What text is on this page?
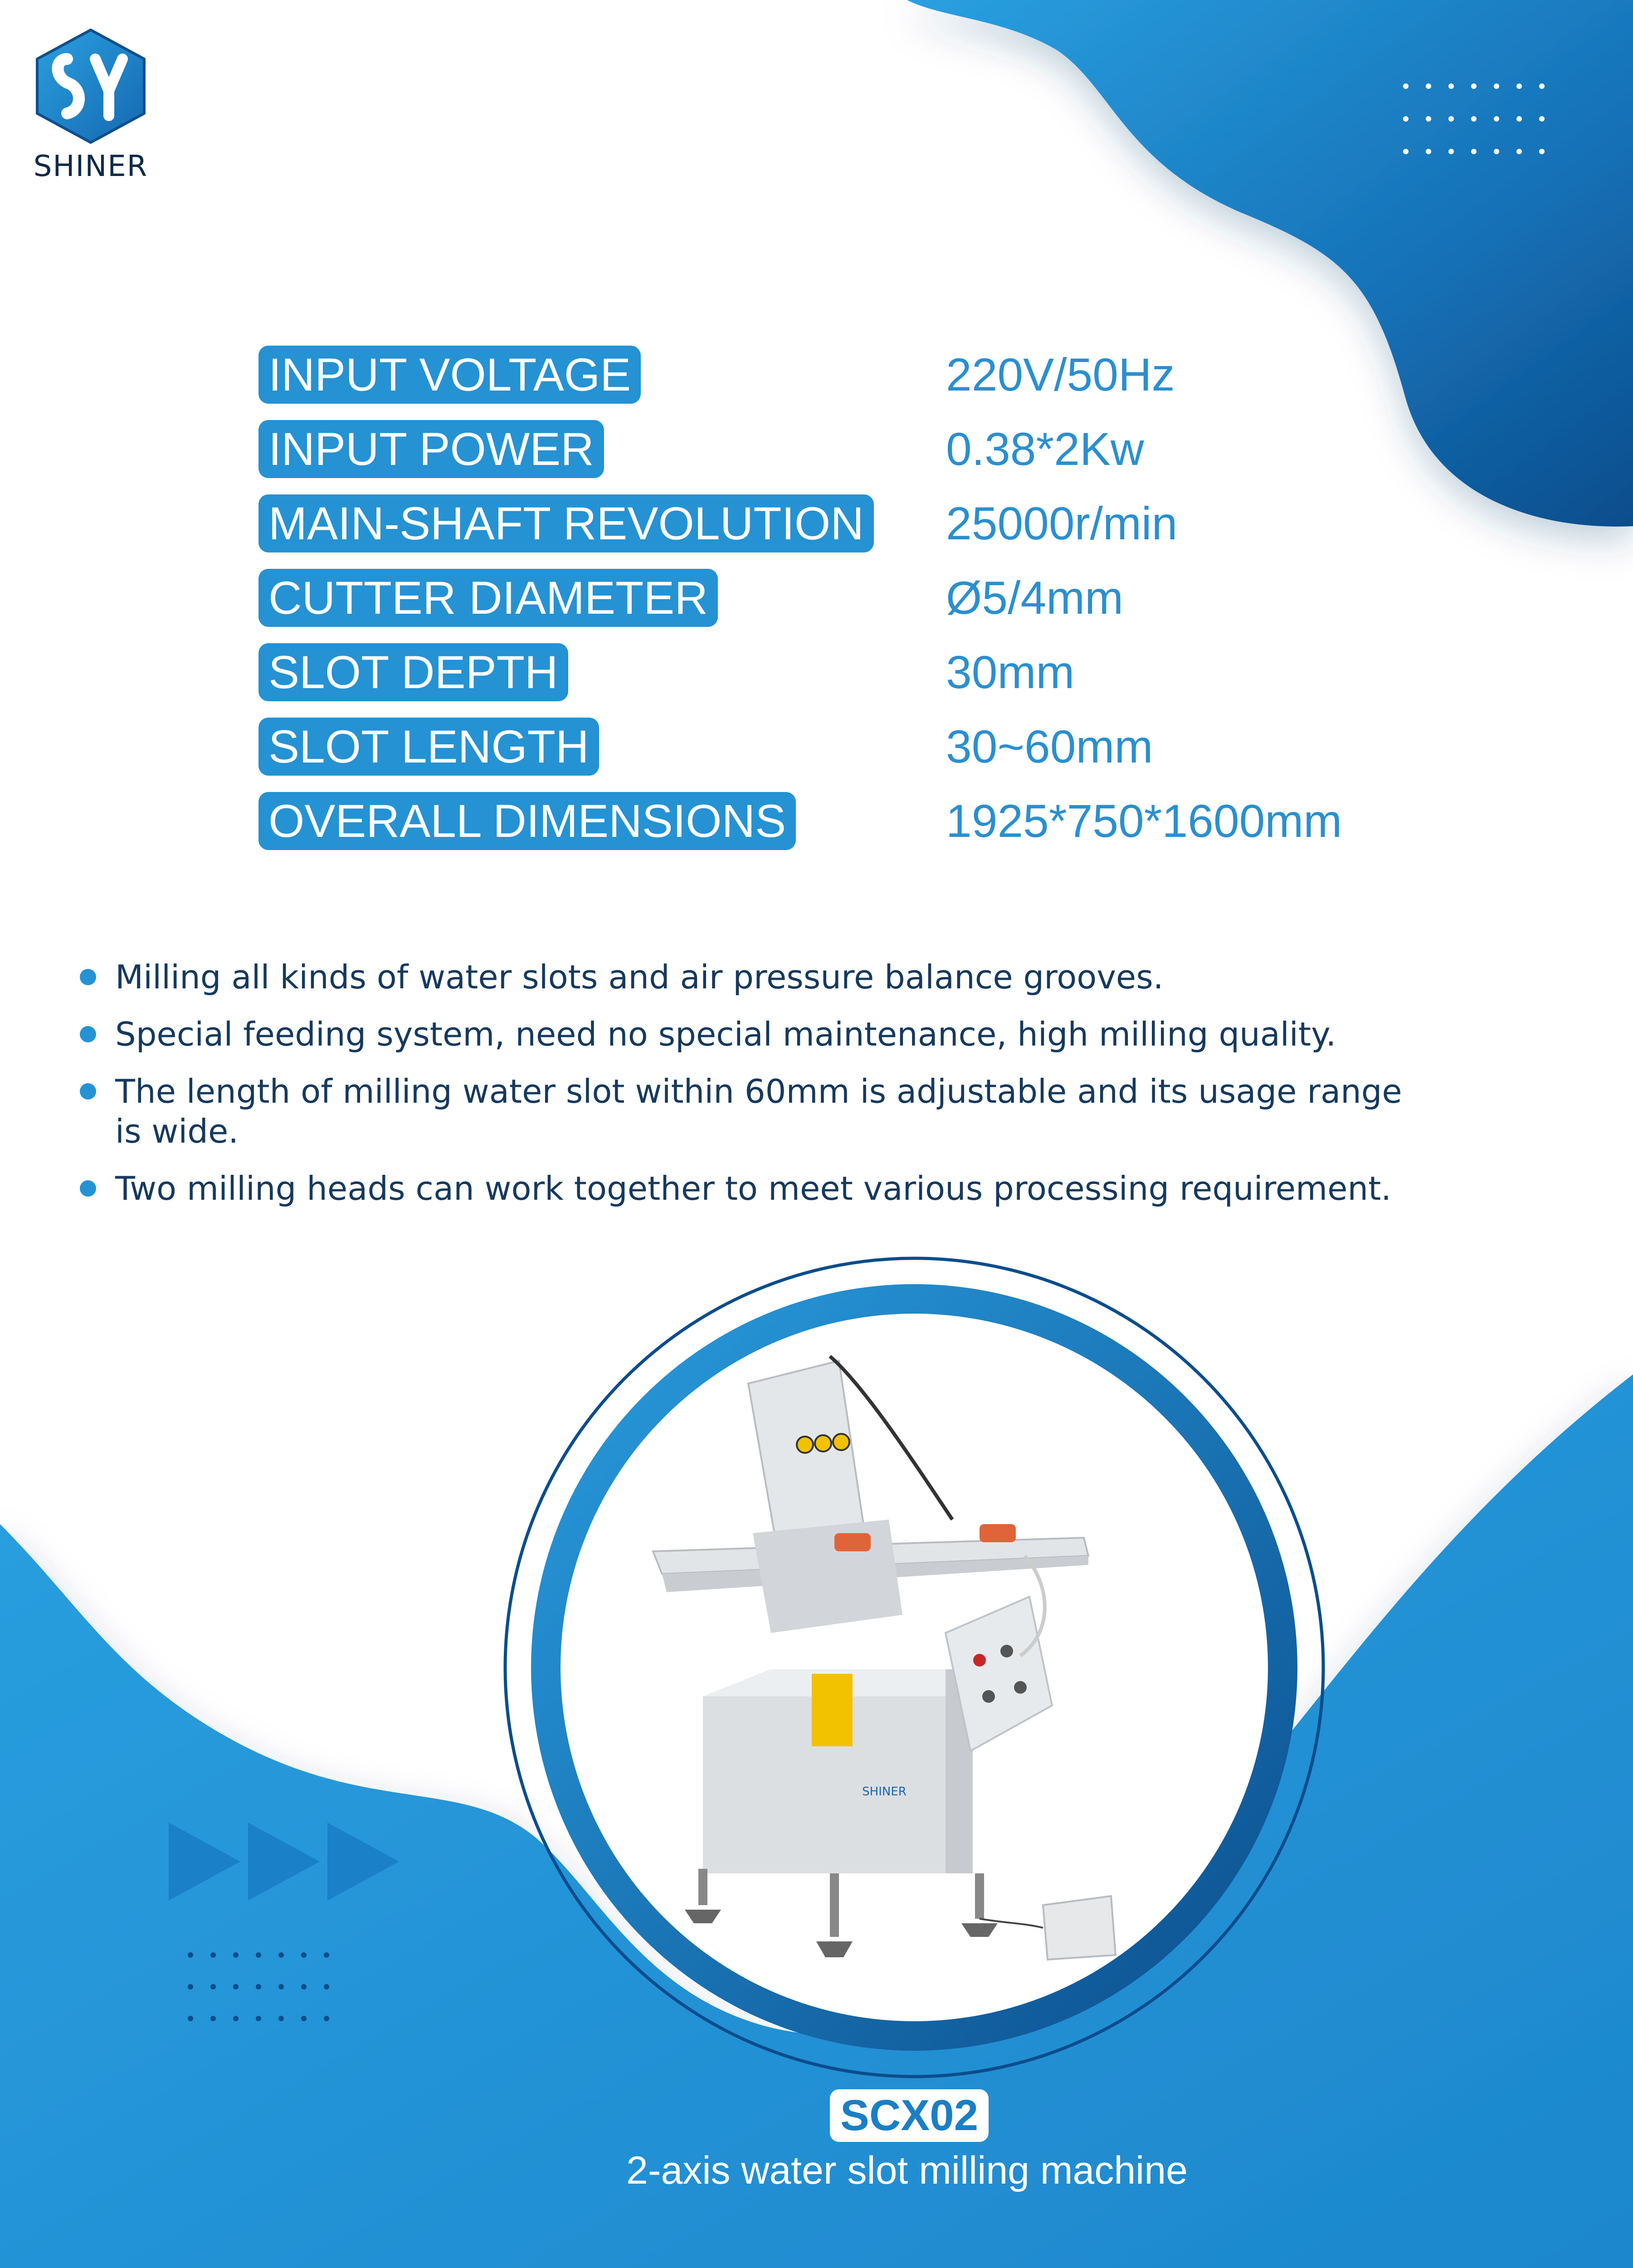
SHINER
INPUT VOLTAGE	220V/50Hz
INPUT POWER	0.38*2Kw
MAIN-SHAFT REVOLUTION 25000r/min
CUTTER DIAMETER	Ø5/4mm
SLOT DEPTH	30mm
SLOT LENGTH	30~60mm
OVERALL DIMENSIONS	1925*750*1600mm
Milling all kinds of water slots and air pressure balance grooves.
Special feeding system, need no special maintenance, high milling quality.
The length of milling water slot within 60mm is adjustable and its usage range is wide.
Two milling heads can work together to meet various processing requirement.
SHINER
SCX02
2-axis water slot milling machine
